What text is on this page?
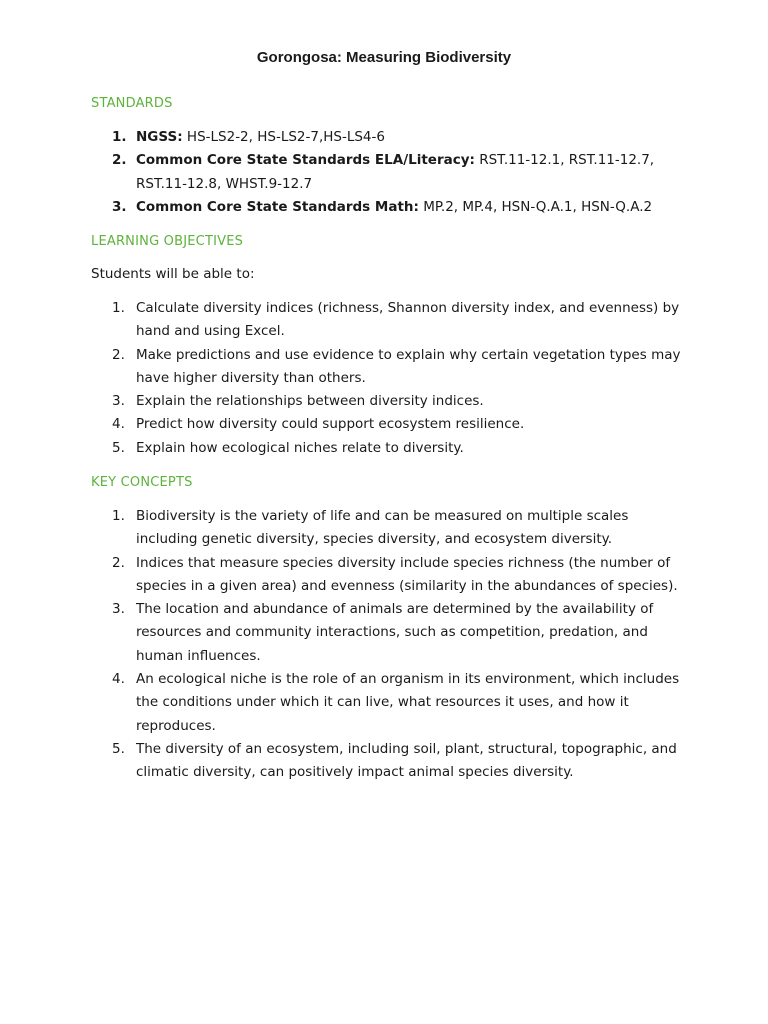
Gorongosa: Measuring Biodiversity
STANDARDS
1. NGSS: HS-LS2-2, HS-LS2-7,HS-LS4-6
2. Common Core State Standards ELA/Literacy: RST.11-12.1, RST.11-12.7, RST.11-12.8, WHST.9-12.7
3. Common Core State Standards Math: MP.2, MP.4, HSN-Q.A.1, HSN-Q.A.2
LEARNING OBJECTIVES
Students will be able to:
1. Calculate diversity indices (richness, Shannon diversity index, and evenness) by hand and using Excel.
2. Make predictions and use evidence to explain why certain vegetation types may have higher diversity than others.
3. Explain the relationships between diversity indices.
4. Predict how diversity could support ecosystem resilience.
5. Explain how ecological niches relate to diversity.
KEY CONCEPTS
1. Biodiversity is the variety of life and can be measured on multiple scales including genetic diversity, species diversity, and ecosystem diversity.
2. Indices that measure species diversity include species richness (the number of species in a given area) and evenness (similarity in the abundances of species).
3. The location and abundance of animals are determined by the availability of resources and community interactions, such as competition, predation, and human influences.
4. An ecological niche is the role of an organism in its environment, which includes the conditions under which it can live, what resources it uses, and how it reproduces.
5. The diversity of an ecosystem, including soil, plant, structural, topographic, and climatic diversity, can positively impact animal species diversity.
